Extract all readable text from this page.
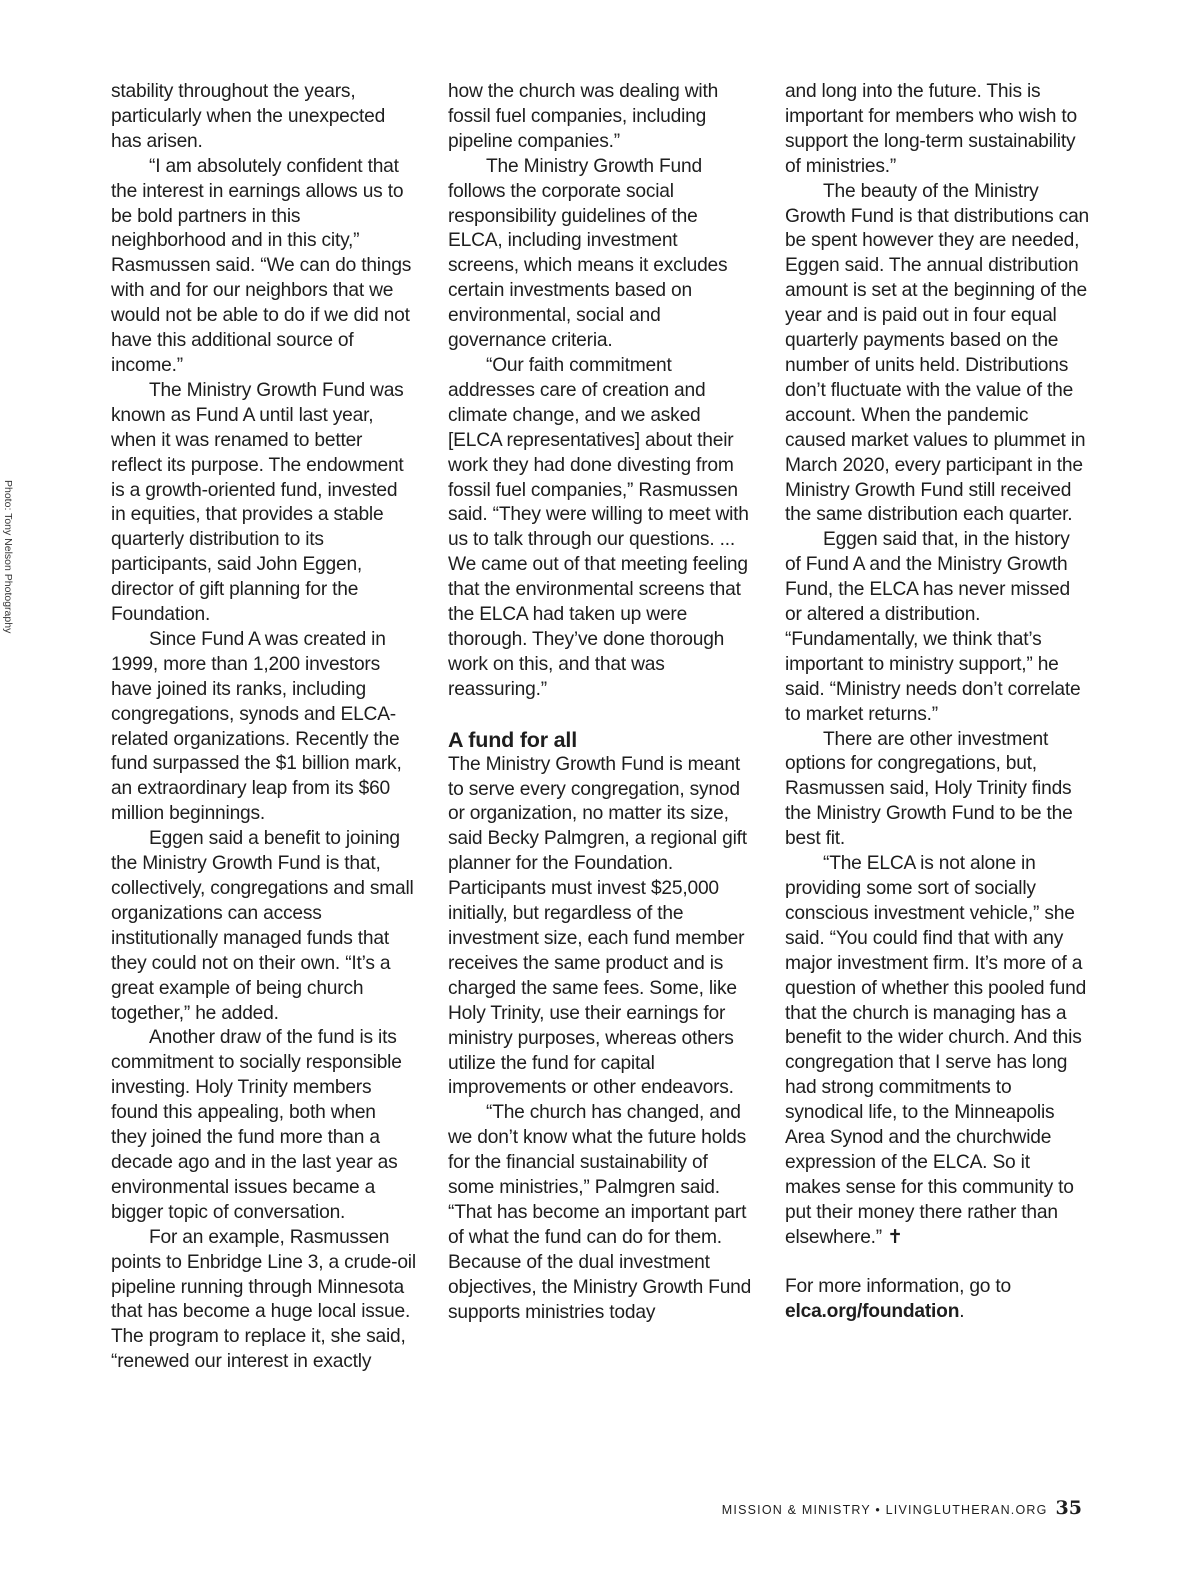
Photo: Tony Nelson Photography

stability throughout the years, particularly when the unexpected has arisen.

“I am absolutely confident that the interest in earnings allows us to be bold partners in this neighborhood and in this city,” Rasmussen said. “We can do things with and for our neighbors that we would not be able to do if we did not have this additional source of income.”

The Ministry Growth Fund was known as Fund A until last year, when it was renamed to better reflect its purpose. The endowment is a growth-oriented fund, invested in equities, that provides a stable quarterly distribution to its participants, said John Eggen, director of gift planning for the Foundation.

Since Fund A was created in 1999, more than 1,200 investors have joined its ranks, including congregations, synods and ELCA-related organizations. Recently the fund surpassed the $1 billion mark, an extraordinary leap from its $60 million beginnings.

Eggen said a benefit to joining the Ministry Growth Fund is that, collectively, congregations and small organizations can access institutionally managed funds that they could not on their own. “It’s a great example of being church together,” he added.

Another draw of the fund is its commitment to socially responsible investing. Holy Trinity members found this appealing, both when they joined the fund more than a decade ago and in the last year as environmental issues became a bigger topic of conversation.

For an example, Rasmussen points to Enbridge Line 3, a crude-oil pipeline running through Minnesota that has become a huge local issue. The program to replace it, she said, “renewed our interest in exactly

how the church was dealing with fossil fuel companies, including pipeline companies.”

The Ministry Growth Fund follows the corporate social responsibility guidelines of the ELCA, including investment screens, which means it excludes certain investments based on environmental, social and governance criteria.

“Our faith commitment addresses care of creation and climate change, and we asked [ELCA representatives] about their work they had done divesting from fossil fuel companies,” Rasmussen said. “They were willing to meet with us to talk through our questions. ... We came out of that meeting feeling that the environmental screens that the ELCA had taken up were thorough. They’ve done thorough work on this, and that was reassuring.”

A fund for all

The Ministry Growth Fund is meant to serve every congregation, synod or organization, no matter its size, said Becky Palmgren, a regional gift planner for the Foundation. Participants must invest $25,000 initially, but regardless of the investment size, each fund member receives the same product and is charged the same fees. Some, like Holy Trinity, use their earnings for ministry purposes, whereas others utilize the fund for capital improvements or other endeavors.

“The church has changed, and we don’t know what the future holds for the financial sustainability of some ministries,” Palmgren said. “That has become an important part of what the fund can do for them. Because of the dual investment objectives, the Ministry Growth Fund supports ministries today

and long into the future. This is important for members who wish to support the long-term sustainability of ministries.”

The beauty of the Ministry Growth Fund is that distributions can be spent however they are needed, Eggen said. The annual distribution amount is set at the beginning of the year and is paid out in four equal quarterly payments based on the number of units held. Distributions don’t fluctuate with the value of the account. When the pandemic caused market values to plummet in March 2020, every participant in the Ministry Growth Fund still received the same distribution each quarter.

Eggen said that, in the history of Fund A and the Ministry Growth Fund, the ELCA has never missed or altered a distribution. “Fundamentally, we think that’s important to ministry support,” he said. “Ministry needs don’t correlate to market returns.”

There are other investment options for congregations, but, Rasmussen said, Holy Trinity finds the Ministry Growth Fund to be the best fit.

“The ELCA is not alone in providing some sort of socially conscious investment vehicle,” she said. “You could find that with any major investment firm. It’s more of a question of whether this pooled fund that the church is managing has a benefit to the wider church. And this congregation that I serve has long had strong commitments to synodical life, to the Minneapolis Area Synod and the churchwide expression of the ELCA. So it makes sense for this community to put their money there rather than elsewhere.” ✝

For more information, go to
elca.org/foundation.

MISSION & MINISTRY • LIVINGLUTHERAN.ORG 35
